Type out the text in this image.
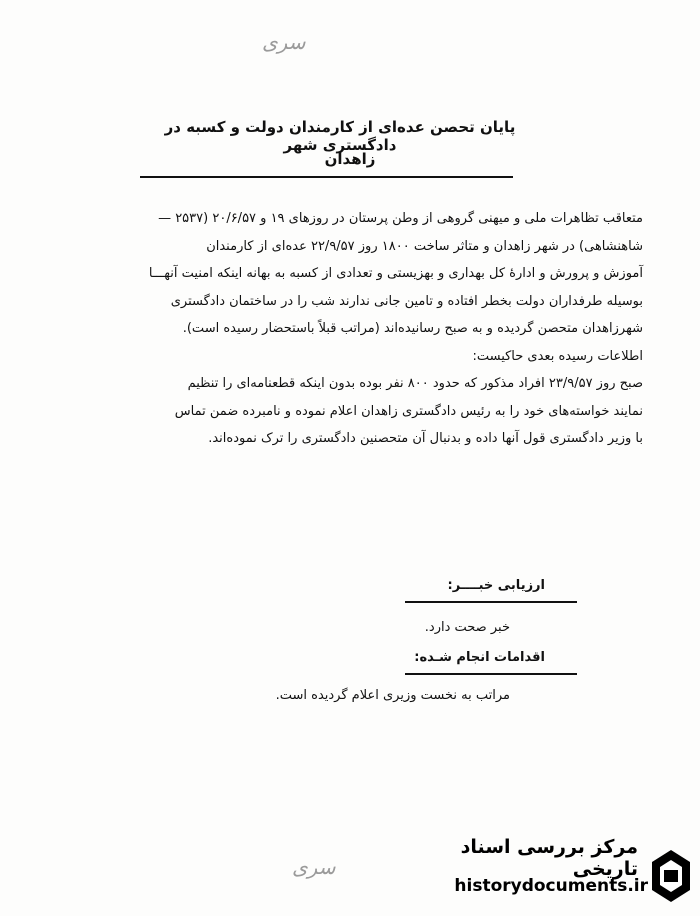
سری
پایان تحصن عده‌ای از کارمندان دولت و کسبه در دادگستری شهر
زاهدان

متعاقب تظاهرات ملی و میهنی گروهی از وطن پرستان در روزهای ۱۹ و ۲۰/۶/۵۷ (۲۵۳۷ —

شاهنشاهی) در شهر زاهدان و متاثر ساخت ۱۸۰۰ روز ۲۲/۹/۵۷ عده‌ای از کارمندان

آموزش و پرورش و ادارهٔ کل بهداری و بهزیستی و تعدادی از کسبه به بهانه اینکه امنیت آنهـــا

بوسیله طرفداران دولت بخطر افتاده و تامین جانی ندارند شب را در ساختمان دادگستری

شهرزاهدان متحصن گردیده و به صبح رسانیده‌اند (مراتب قبلاً باستحضار رسیده است).

اطلاعات رسیده بعدی حاکیست:

صبح روز ۲۳/۹/۵۷ افراد مذکور که حدود ۸۰۰ نفر بوده بدون اینکه قطعنامه‌ای را تنظیم

نمایند خواسته‌های خود را به رئیس دادگستری زاهدان اعلام نموده و نامبرده ضمن تماس

با وزیر دادگستری قول آنها داده و بدنبال آن متحصنین دادگستری را ترک نموده‌اند.

ارزیابی خبــــر:
خبر صحت دارد.
اقدامات انجام شـده:
مراتب به نخست وزیری اعلام گردیده است.
سری
مرکز بررسی اسناد تاریخی
historydocuments.ir
